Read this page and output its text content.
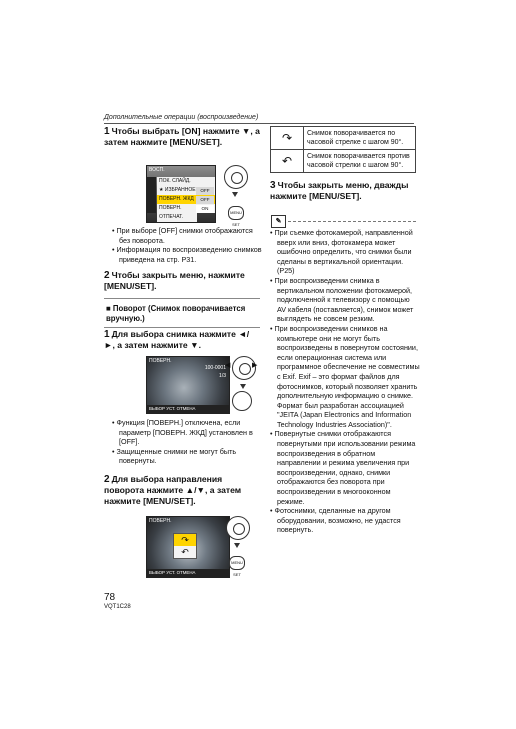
Дополнительные операции (воспроизведение)
1 Чтобы выбрать [ON] нажмите ▼, а затем нажмите [MENU/SET].
ВОСП.
ПОК. СЛАЙД.
★ ИЗБРАННОЕ
ПОВЕРН. ЖКД
ПОВЕРН.
ОТПЕЧАТ.
OFF
OFF
ON
MENU SET
• При выборе [OFF] снимки отображаются без поворота.
• Информация по воспроизведению снимков приведена на стр. P31.
2 Чтобы закрыть меню, нажмите [MENU/SET].
■ Поворот (Снимок поворачивается вручную.)
1 Для выбора снимка нажмите ◄/►, а затем нажмите ▼.
ПОВЕРН.
100-0001
1/3
ВЫБОР УСТ. ОТМЕНА
◀	▶
• Функция [ПОВЕРН.] отключена, если параметр [ПОВЕРН. ЖКД] установлен в [OFF].
• Защищенные снимки не могут быть повернуты.
2 Для выбора направления поворота нажмите ▲/▼, а затем нажмите [MENU/SET].
ПОВЕРН.
↷
↶
ВЫБОР УСТ. ОТМЕНА
MENU SET
↷	Снимок поворачивается по часовой стрелке с шагом 90°.
↶	Снимок поворачивается против часовой стрелки с шагом 90°.
3 Чтобы закрыть меню, дважды нажмите [MENU/SET].
✎
• При съемке фотокамерой, направленной вверх или вниз, фотокамера может ошибочно определить, что снимки были сделаны в вертикальной ориентации. (P25)
• При воспроизведении снимка в вертикальном положении фотокамерой, подключенной к телевизору с помощью AV кабеля (поставляется), снимок может выглядеть не совсем резким.
• При воспроизведении снимков на компьютере они не могут быть воспроизведены в повернутом состоянии, если операционная система или программное обеспечение не совместимы с Exif. Exif – это формат файлов для фотоснимков, который позволяет хранить дополнительную информацию о снимке. Формат был разработан ассоциацией "JEITA (Japan Electronics and Information Technology Industries Association)".
• Повернутые снимки отображаются повернутыми при использовании режима воспроизведения в обратном направлении и режима увеличения при воспроизведении, однако, снимки отображаются без поворота при воспроизведении в многооконном режиме.
• Фотоснимки, сделанные на другом оборудовании, возможно, не удастся повернуть.
78
VQT1C28
